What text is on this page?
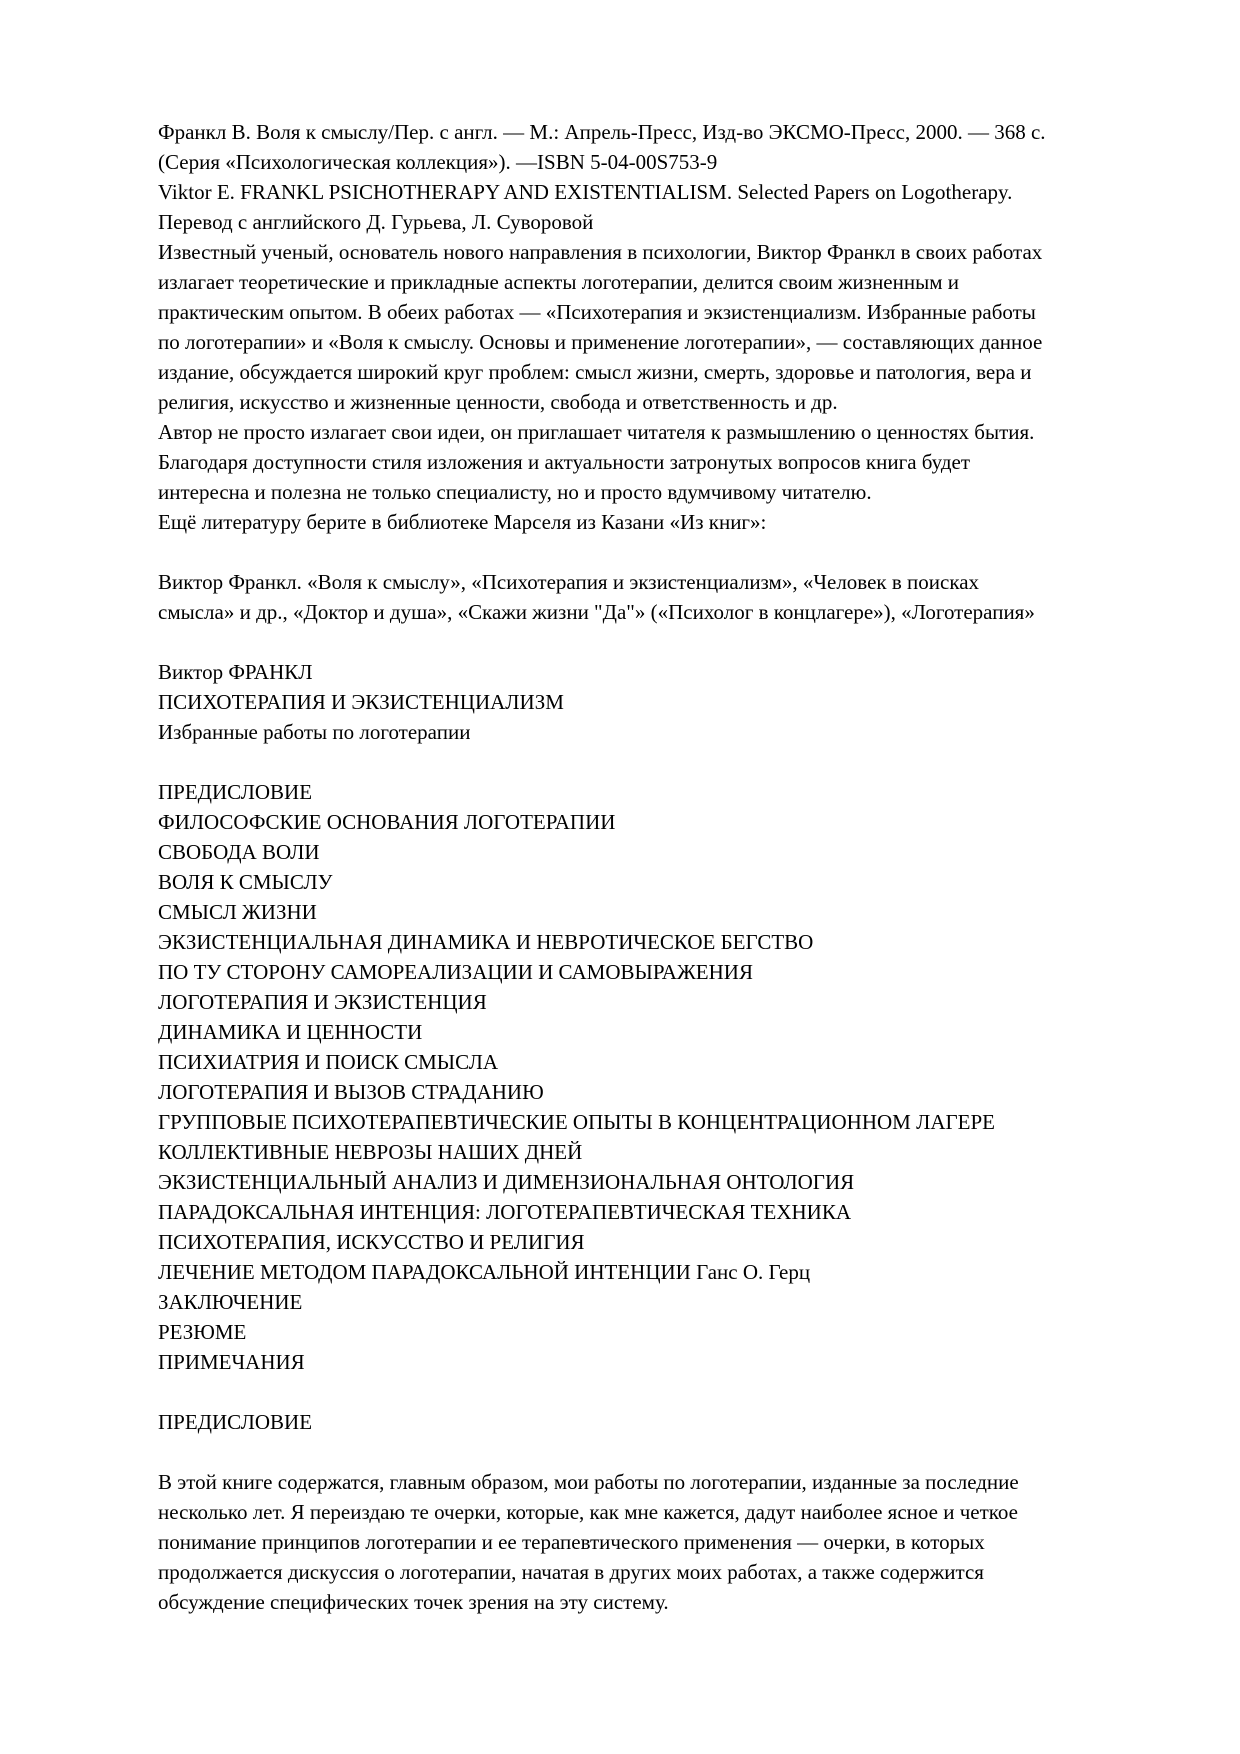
Франкл В. Воля к смыслу/Пер. с англ. — М.: Апрель-Пресс, Изд-во ЭКСМО-Пресс, 2000. — 368 с.
(Серия «Психологическая коллекция»). —ISBN 5-04-00S753-9
Viktor E. FRANKL PSICHOTHERAPY AND EXISTENTIALISM. Selected Papers on Logotherapy.
Перевод с английского Д. Гурьева, Л. Суворовой
Известный ученый, основатель нового направления в психологии, Виктор Франкл в своих работах
излагает теоретические и прикладные аспекты логотерапии, делится своим жизненным и
практическим опытом. В обеих работах — «Психотерапия и экзистенциализм. Избранные работы
по логотерапии» и «Воля к смыслу. Основы и применение логотерапии», — составляющих данное
издание, обсуждается широкий круг проблем: смысл жизни, смерть, здоровье и патология, вера и
религия, искусство и жизненные ценности, свобода и ответственность и др.
Автор не просто излагает свои идеи, он приглашает читателя к размышлению о ценностях бытия.
Благодаря доступности стиля изложения и актуальности затронутых вопросов книга будет
интересна и полезна не только специалисту, но и просто вдумчивому читателю.
Ещё литературу берите в библиотеке Марселя из Казани «Из книг»:
Виктор Франкл. «Воля к смыслу», «Психотерапия и экзистенциализм», «Человек в поисках
смысла» и др., «Доктор и душа», «Скажи жизни "Да"» («Психолог в концлагере»), «Логотерапия»
Виктор ФРАНКЛ
ПСИХОТЕРАПИЯ И ЭКЗИСТЕНЦИАЛИЗМ
Избранные работы по логотерапии
ПРЕДИСЛОВИЕ
ФИЛОСОФСКИЕ ОСНОВАНИЯ ЛОГОТЕРАПИИ
СВОБОДА ВОЛИ
ВОЛЯ К СМЫСЛУ
СМЫСЛ ЖИЗНИ
ЭКЗИСТЕНЦИАЛЬНАЯ ДИНАМИКА И НЕВРОТИЧЕСКОЕ БЕГСТВО
ПО ТУ СТОРОНУ САМОРЕАЛИЗАЦИИ И САМОВЫРАЖЕНИЯ
ЛОГОТЕРАПИЯ И ЭКЗИСТЕНЦИЯ
ДИНАМИКА И ЦЕННОСТИ
ПСИХИАТРИЯ И ПОИСК СМЫСЛА
ЛОГОТЕРАПИЯ И ВЫЗОВ СТРАДАНИЮ
ГРУППОВЫЕ ПСИХОТЕРАПЕВТИЧЕСКИЕ ОПЫТЫ В КОНЦЕНТРАЦИОННОМ ЛАГЕРЕ
КОЛЛЕКТИВНЫЕ НЕВРОЗЫ НАШИХ ДНЕЙ
ЭКЗИСТЕНЦИАЛЬНЫЙ АНАЛИЗ И ДИМЕНЗИОНАЛЬНАЯ ОНТОЛОГИЯ
ПАРАДОКСАЛЬНАЯ ИНТЕНЦИЯ: ЛОГОТЕРАПЕВТИЧЕСКАЯ ТЕХНИКА
ПСИХОТЕРАПИЯ, ИСКУССТВО И РЕЛИГИЯ
ЛЕЧЕНИЕ МЕТОДОМ ПАРАДОКСАЛЬНОЙ ИНТЕНЦИИ Ганс О. Герц
ЗАКЛЮЧЕНИЕ
РЕЗЮМЕ
ПРИМЕЧАНИЯ
ПРЕДИСЛОВИЕ
В этой книге содержатся, главным образом, мои работы по логотерапии, изданные за последние
несколько лет. Я переиздаю те очерки, которые, как мне кажется, дадут наиболее ясное и четкое
понимание принципов логотерапии и ее терапевтического применения — очерки, в которых
продолжается дискуссия о логотерапии, начатая в других моих работах, а также содержится
обсуждение специфических точек зрения на эту систему.
